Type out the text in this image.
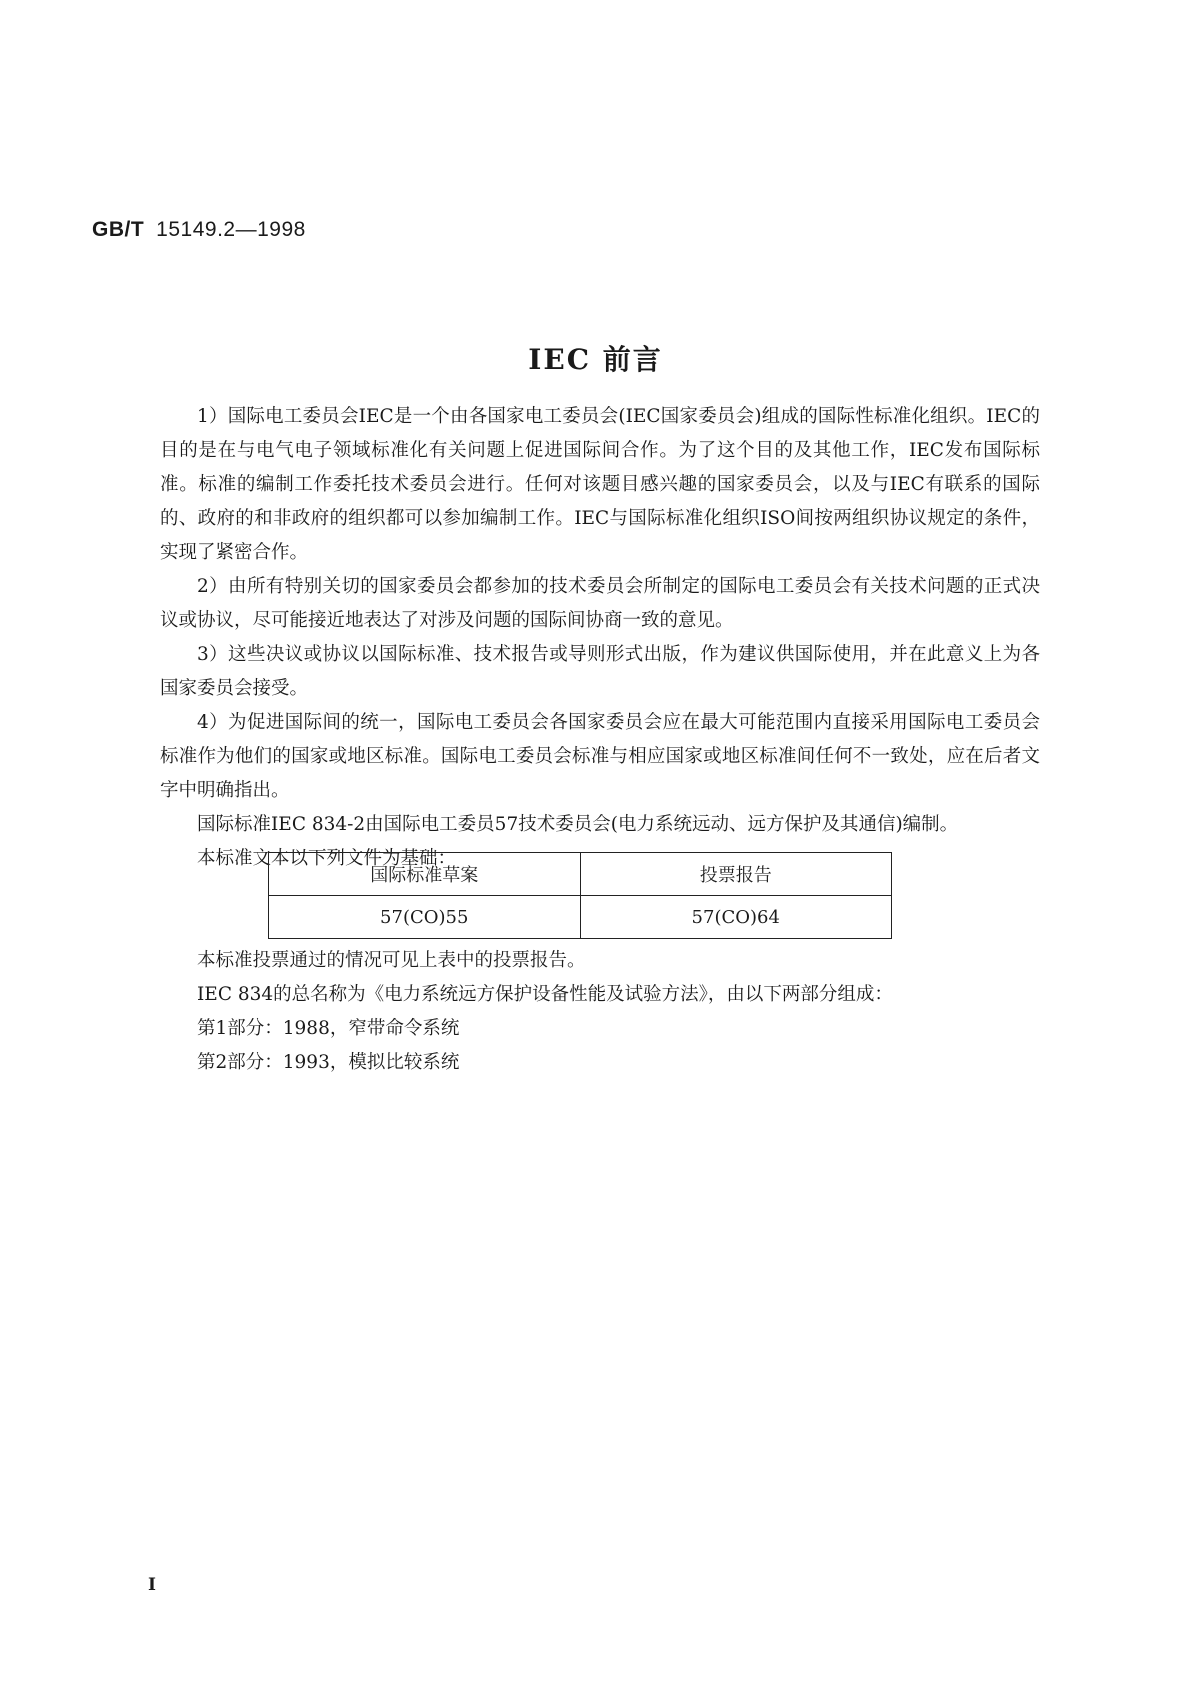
GB/T 15149.2—1998
IEC 前言

1）国际电工委员会IEC是一个由各国家电工委员会(IEC国家委员会)组成的国际性标准化组织。IEC的目的是在与电气电子领域标准化有关问题上促进国际间合作。为了这个目的及其他工作，IEC发布国际标准。标准的编制工作委托技术委员会进行。任何对该题目感兴趣的国家委员会，以及与IEC有联系的国际的、政府的和非政府的组织都可以参加编制工作。IEC与国际标准化组织ISO间按两组织协议规定的条件，实现了紧密合作。

2）由所有特别关切的国家委员会都参加的技术委员会所制定的国际电工委员会有关技术问题的正式决议或协议，尽可能接近地表达了对涉及问题的国际间协商一致的意见。

3）这些决议或协议以国际标准、技术报告或导则形式出版，作为建议供国际使用，并在此意义上为各国家委员会接受。

4）为促进国际间的统一，国际电工委员会各国家委员会应在最大可能范围内直接采用国际电工委员会标准作为他们的国家或地区标准。国际电工委员会标准与相应国家或地区标准间任何不一致处，应在后者文字中明确指出。

国际标准IEC 834-2由国际电工委员57技术委员会(电力系统远动、远方保护及其通信)编制。

本标准文本以下列文件为基础：

国际标准草案	投票报告
57(CO)55	57(CO)64

本标准投票通过的情况可见上表中的投票报告。

IEC 834的总名称为《电力系统远方保护设备性能及试验方法》，由以下两部分组成：

第1部分：1988，窄带命令系统

第2部分：1993，模拟比较系统

I
